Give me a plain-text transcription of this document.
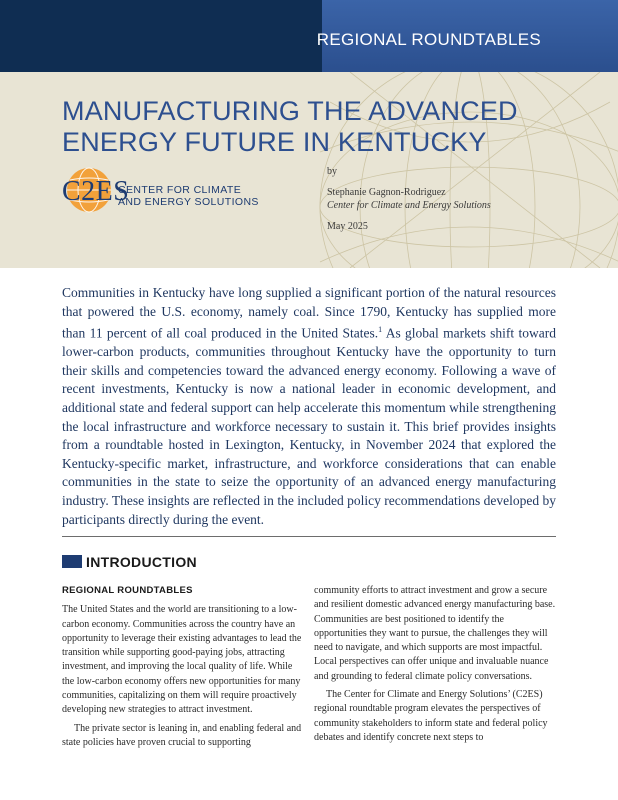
REGIONAL ROUNDTABLES
MANUFACTURING THE ADVANCED ENERGY FUTURE IN KENTUCKY
C2ES
CENTER FOR CLIMATE
AND ENERGY SOLUTIONS
by
Stephanie Gagnon-Rodriguez
Center for Climate and Energy Solutions
May 2025

Communities in Kentucky have long supplied a significant portion of the natural resources that powered the U.S. economy, namely coal. Since 1790, Kentucky has supplied more than 11 percent of all coal produced in the United States.$^1$ As global markets shift toward lower-carbon products, communities throughout Kentucky have the opportunity to turn their skills and competencies toward the advanced energy economy. Following a wave of recent investments, Kentucky is now a national leader in economic development, and additional state and federal support can help accelerate this momentum while strengthening the local infrastructure and workforce necessary to sustain it. This brief provides insights from a roundtable hosted in Lexington, Kentucky, in November 2024 that explored the Kentucky-specific market, infrastructure, and workforce considerations that can enable communities in the state to seize the opportunity of an advanced energy manufacturing industry. These insights are reflected in the included policy recommendations developed by participants directly during the event.

INTRODUCTION
REGIONAL ROUNDTABLES

The United States and the world are transitioning to a low-carbon economy. Communities across the country have an opportunity to leverage their existing advantages to lead the transition while supporting good-paying jobs, attracting investment, and improving the local quality of life. While the low-carbon economy offers new opportunities for many communities, capitalizing on them will require proactively developing new strategies to attract investment.

The private sector is leaning in, and enabling federal and state policies have proven crucial to supporting

community efforts to attract investment and grow a secure and resilient domestic advanced energy manufacturing base. Communities are best positioned to identify the opportunities they want to pursue, the challenges they will need to navigate, and which supports are most impactful. Local perspectives can offer unique and invaluable nuance and grounding to federal climate policy conversations.

The Center for Climate and Energy Solutions’ (C2ES) regional roundtable program elevates the perspectives of community stakeholders to inform state and federal policy debates and identify concrete next steps to
